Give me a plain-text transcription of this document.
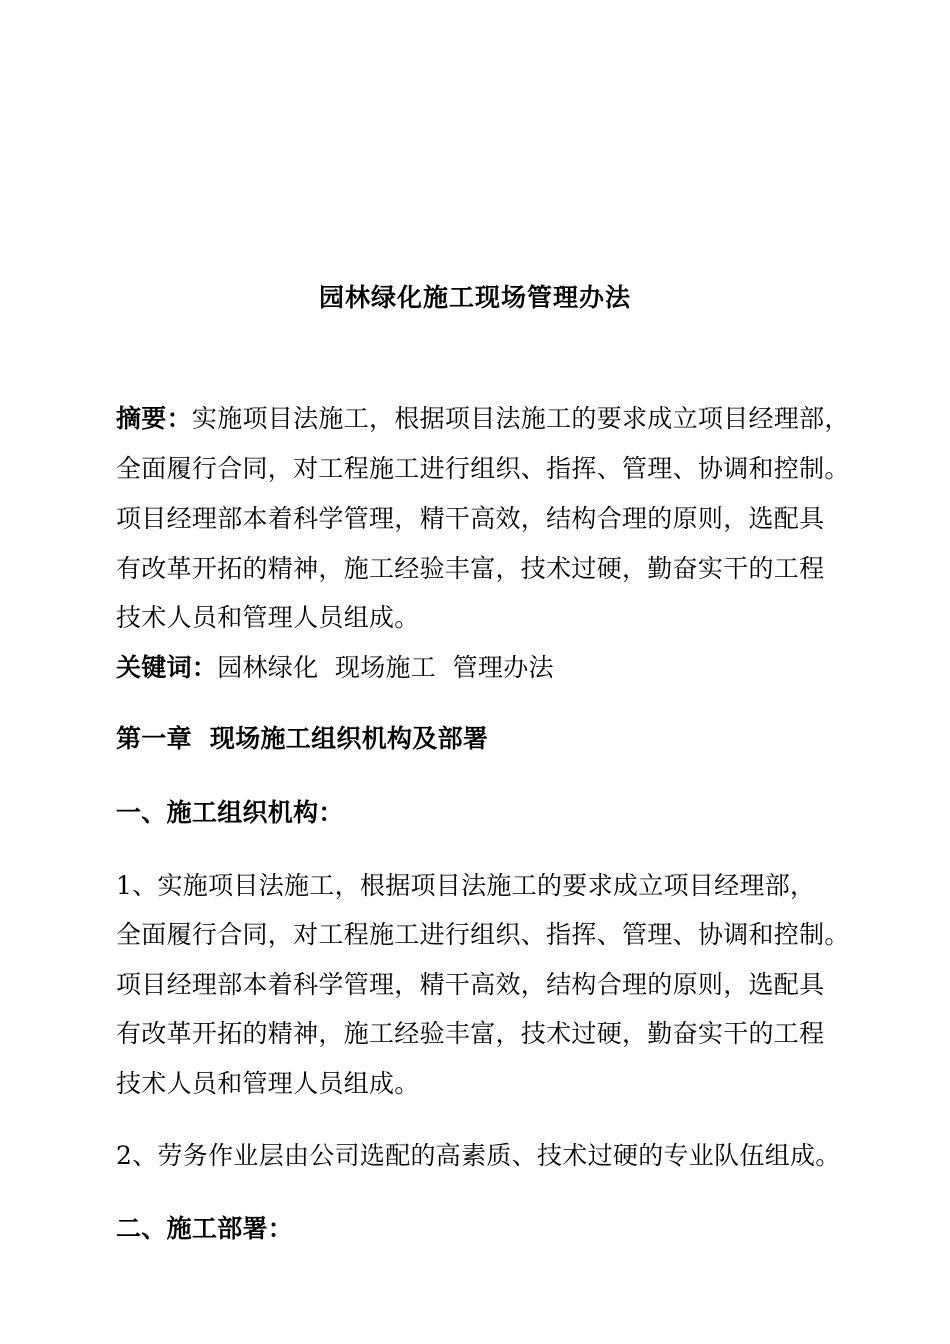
园林绿化施工现场管理办法
摘要：实施项目法施工，根据项目法施工的要求成立项目经理部，
全面履行合同，对工程施工进行组织、指挥、管理、协调和控制。
项目经理部本着科学管理，精干高效，结构合理的原则，选配具
有改革开拓的精神，施工经验丰富，技术过硬，勤奋实干的工程
技术人员和管理人员组成。
关键词：园林绿化  现场施工  管理办法
第一章  现场施工组织机构及部署
一、施工组织机构：
1、实施项目法施工，根据项目法施工的要求成立项目经理部，
全面履行合同，对工程施工进行组织、指挥、管理、协调和控制。
项目经理部本着科学管理，精干高效，结构合理的原则，选配具
有改革开拓的精神，施工经验丰富，技术过硬，勤奋实干的工程
技术人员和管理人员组成。
2、劳务作业层由公司选配的高素质、技术过硬的专业队伍组成。
二、施工部署：
